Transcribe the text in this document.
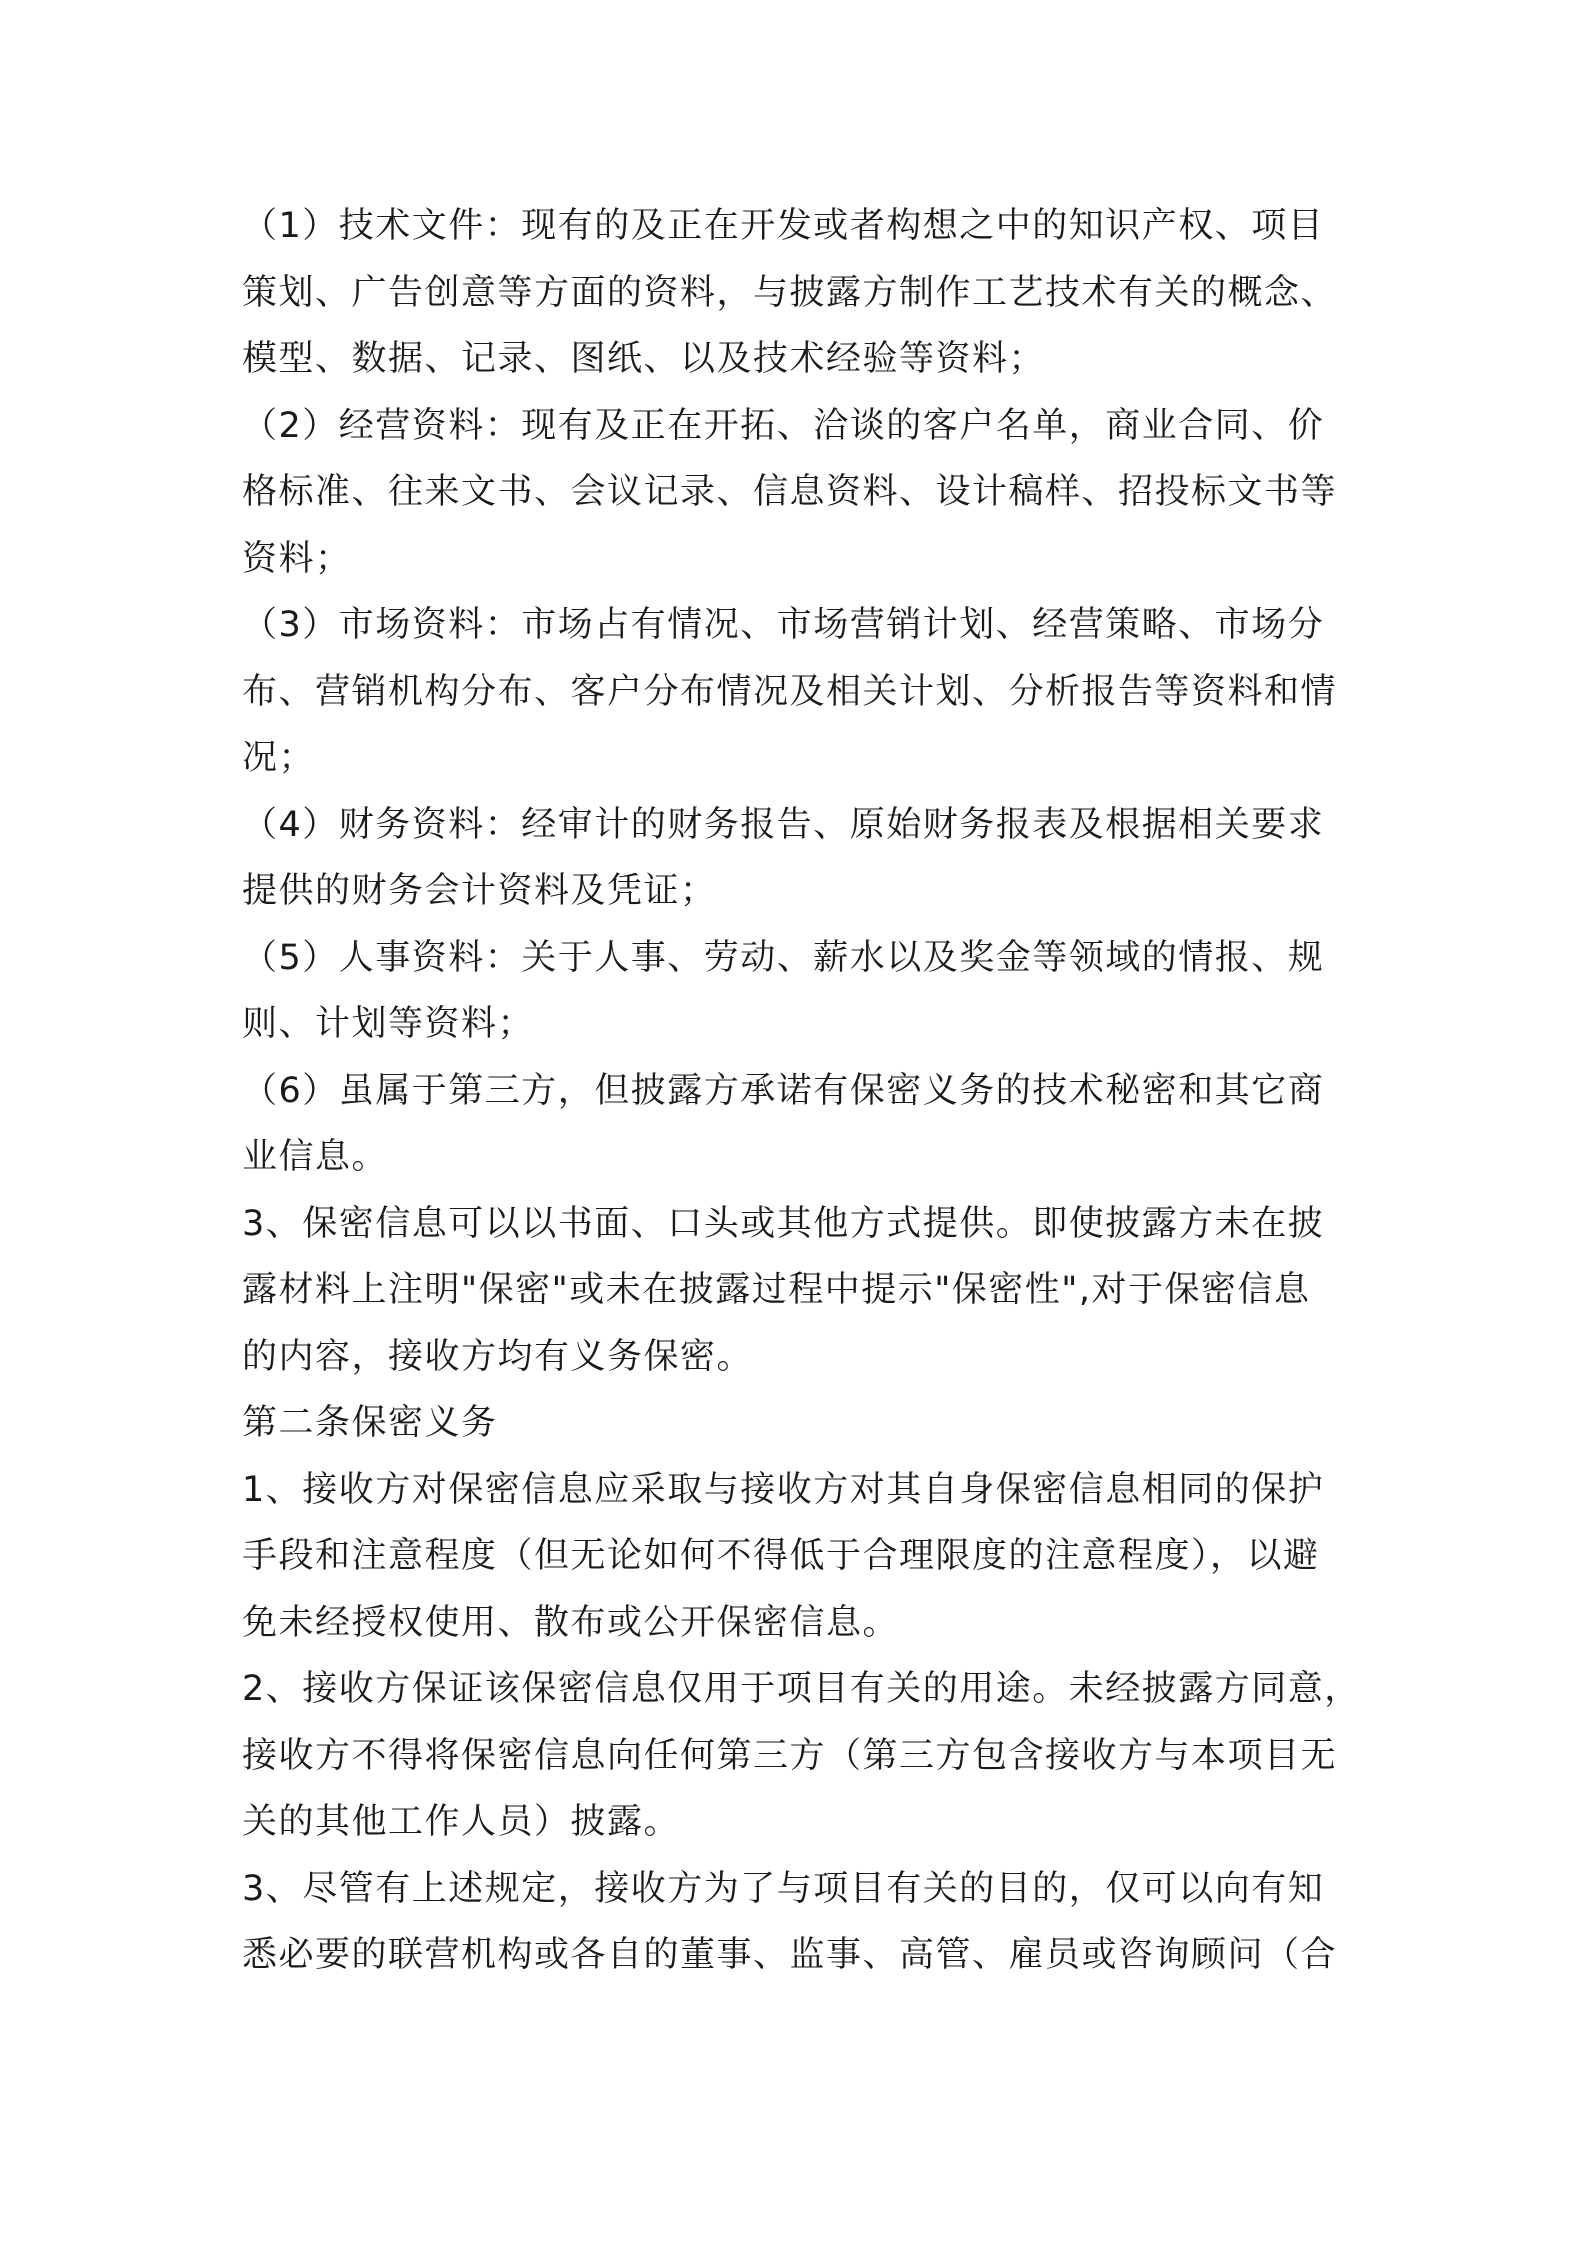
（1）技术文件：现有的及正在开发或者构想之中的知识产权、项目
策划、广告创意等方面的资料，与披露方制作工艺技术有关的概念、
模型、数据、记录、图纸、以及技术经验等资料；
（2）经营资料：现有及正在开拓、洽谈的客户名单，商业合同、价
格标准、往来文书、会议记录、信息资料、设计稿样、招投标文书等
资料；
（3）市场资料：市场占有情况、市场营销计划、经营策略、市场分
布、营销机构分布、客户分布情况及相关计划、分析报告等资料和情
况；
（4）财务资料：经审计的财务报告、原始财务报表及根据相关要求
提供的财务会计资料及凭证；
（5）人事资料：关于人事、劳动、薪水以及奖金等领域的情报、规
则、计划等资料；
（6）虽属于第三方，但披露方承诺有保密义务的技术秘密和其它商
业信息。
3、保密信息可以以书面、口头或其他方式提供。即使披露方未在披
露材料上注明"保密"或未在披露过程中提示"保密性",对于保密信息
的内容，接收方均有义务保密。
第二条保密义务
1、接收方对保密信息应采取与接收方对其自身保密信息相同的保护
手段和注意程度（但无论如何不得低于合理限度的注意程度），以避
免未经授权使用、散布或公开保密信息。
2、接收方保证该保密信息仅用于项目有关的用途。未经披露方同意，
接收方不得将保密信息向任何第三方（第三方包含接收方与本项目无
关的其他工作人员）披露。
3、尽管有上述规定，接收方为了与项目有关的目的，仅可以向有知
悉必要的联营机构或各自的董事、监事、高管、雇员或咨询顾问（合
